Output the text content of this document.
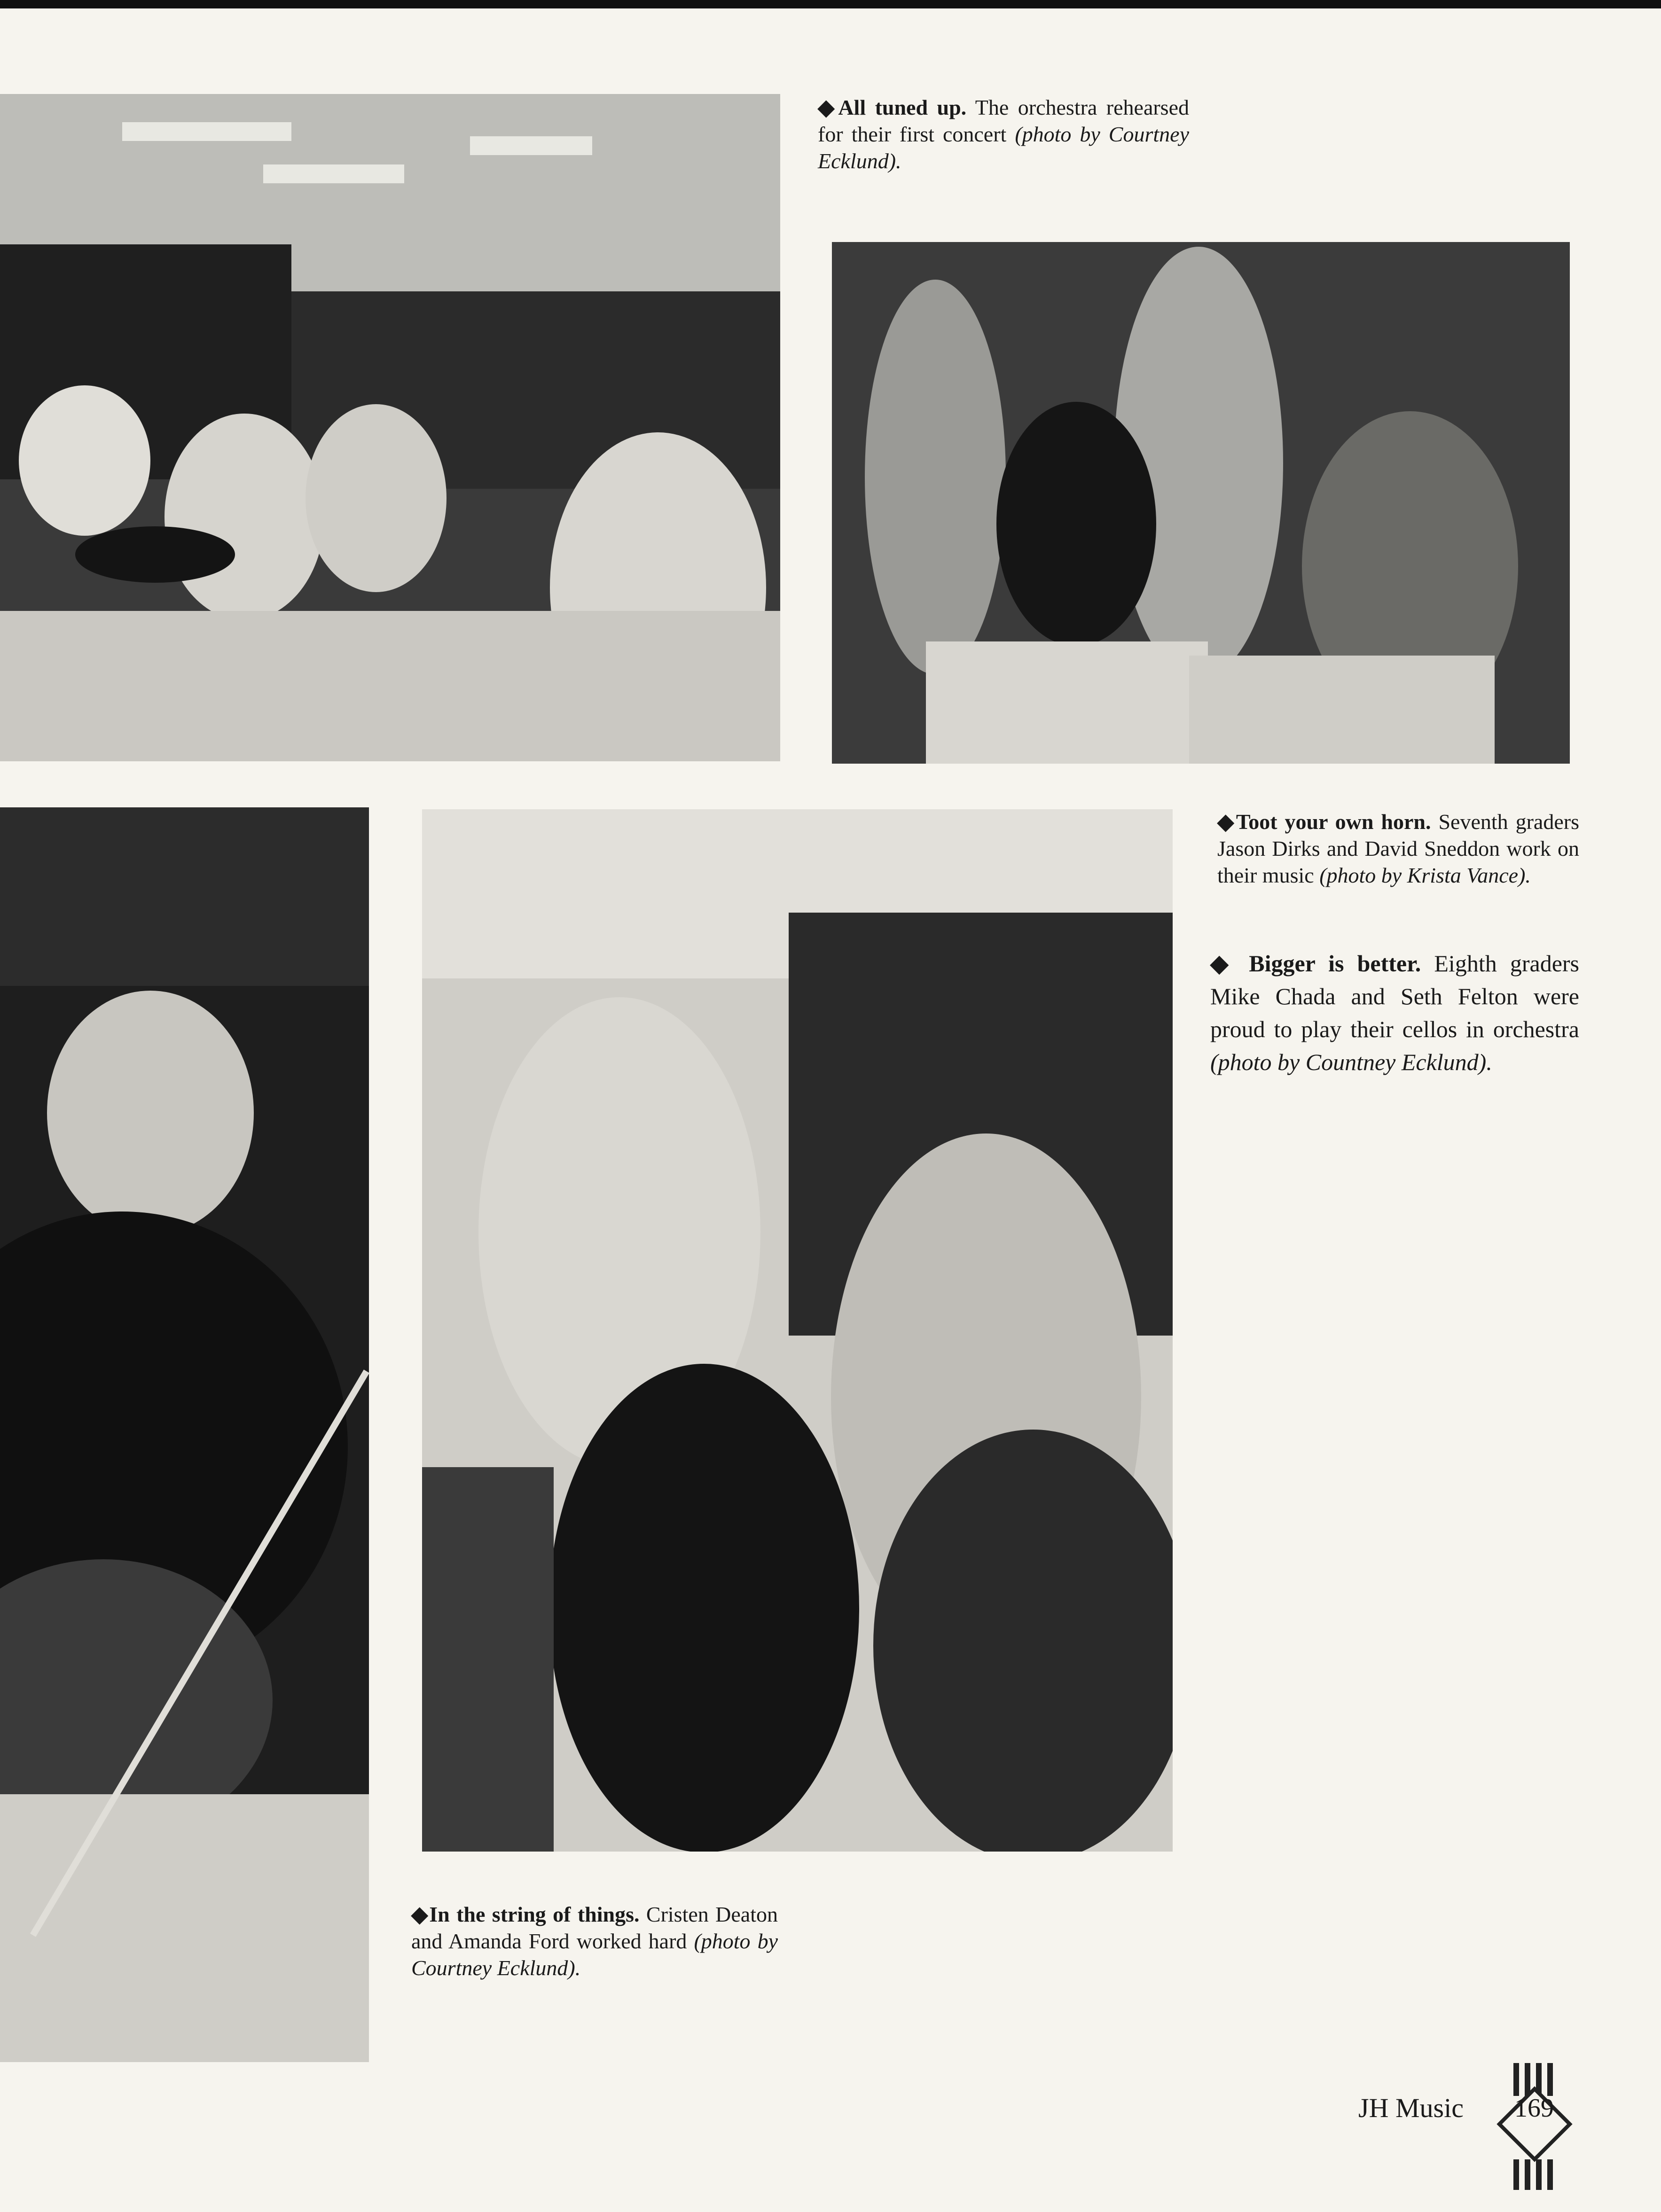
◆All tuned up. The orchestra rehearsed for their first concert (photo by Courtney Ecklund).
◆Toot your own horn. Seventh graders Jason Dirks and David Sneddon work on their music (photo by Krista Vance).
◆ Bigger is better. Eighth graders Mike Chada and Seth Felton were proud to play their cellos in orchestra (photo by Countney Ecklund).
◆In the string of things. Cristen Deaton and Amanda Ford worked hard (photo by Courtney Ecklund).
JH Music	169
